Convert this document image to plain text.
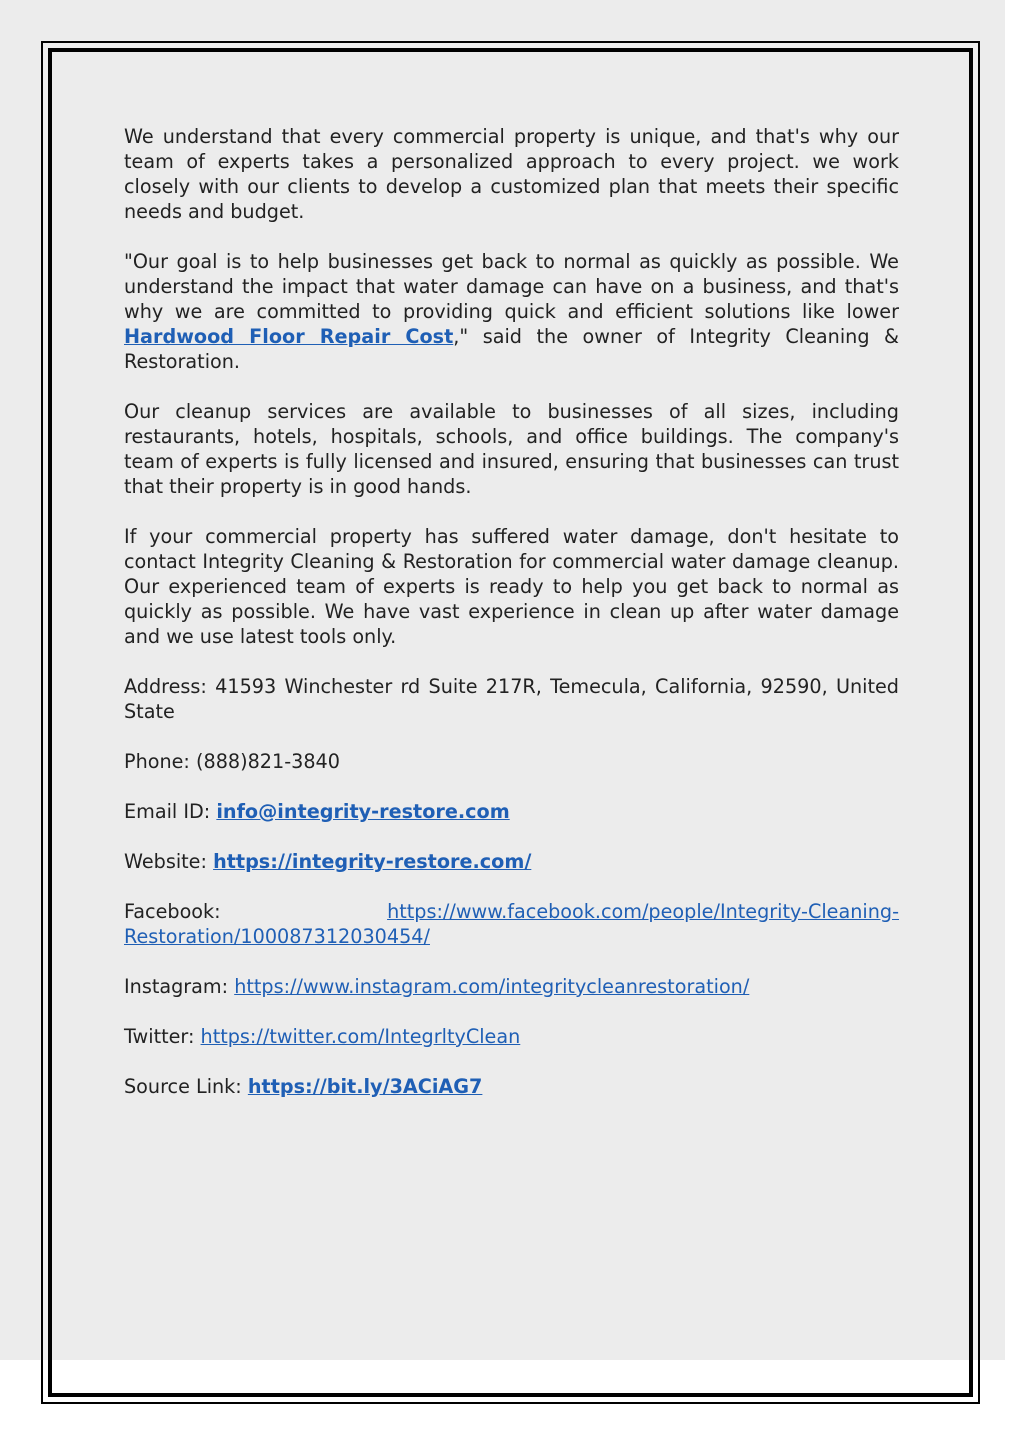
We understand that every commercial property is unique, and that's why our team of experts takes a personalized approach to every project. we work closely with our clients to develop a customized plan that meets their specific needs and budget.

"Our goal is to help businesses get back to normal as quickly as possible. We understand the impact that water damage can have on a business, and that's why we are committed to providing quick and efficient solutions like lower Hardwood Floor Repair Cost," said the owner of Integrity Cleaning & Restoration.

Our cleanup services are available to businesses of all sizes, including restaurants, hotels, hospitals, schools, and office buildings. The company's team of experts is fully licensed and insured, ensuring that businesses can trust that their property is in good hands.

If your commercial property has suffered water damage, don't hesitate to contact Integrity Cleaning & Restoration for commercial water damage cleanup. Our experienced team of experts is ready to help you get back to normal as quickly as possible. We have vast experience in clean up after water damage and we use latest tools only.

Address: 41593 Winchester rd Suite 217R, Temecula, California, 92590, United State

Phone: (888)821-3840

Email ID: info@integrity-restore.com

Website: https://integrity-restore.com/

Facebook: https://www.facebook.com/people/Integrity-Cleaning-Restoration/100087312030454/

Instagram: https://www.instagram.com/integritycleanrestoration/

Twitter: https://twitter.com/IntegrltyClean

Source Link: https://bit.ly/3ACiAG7
